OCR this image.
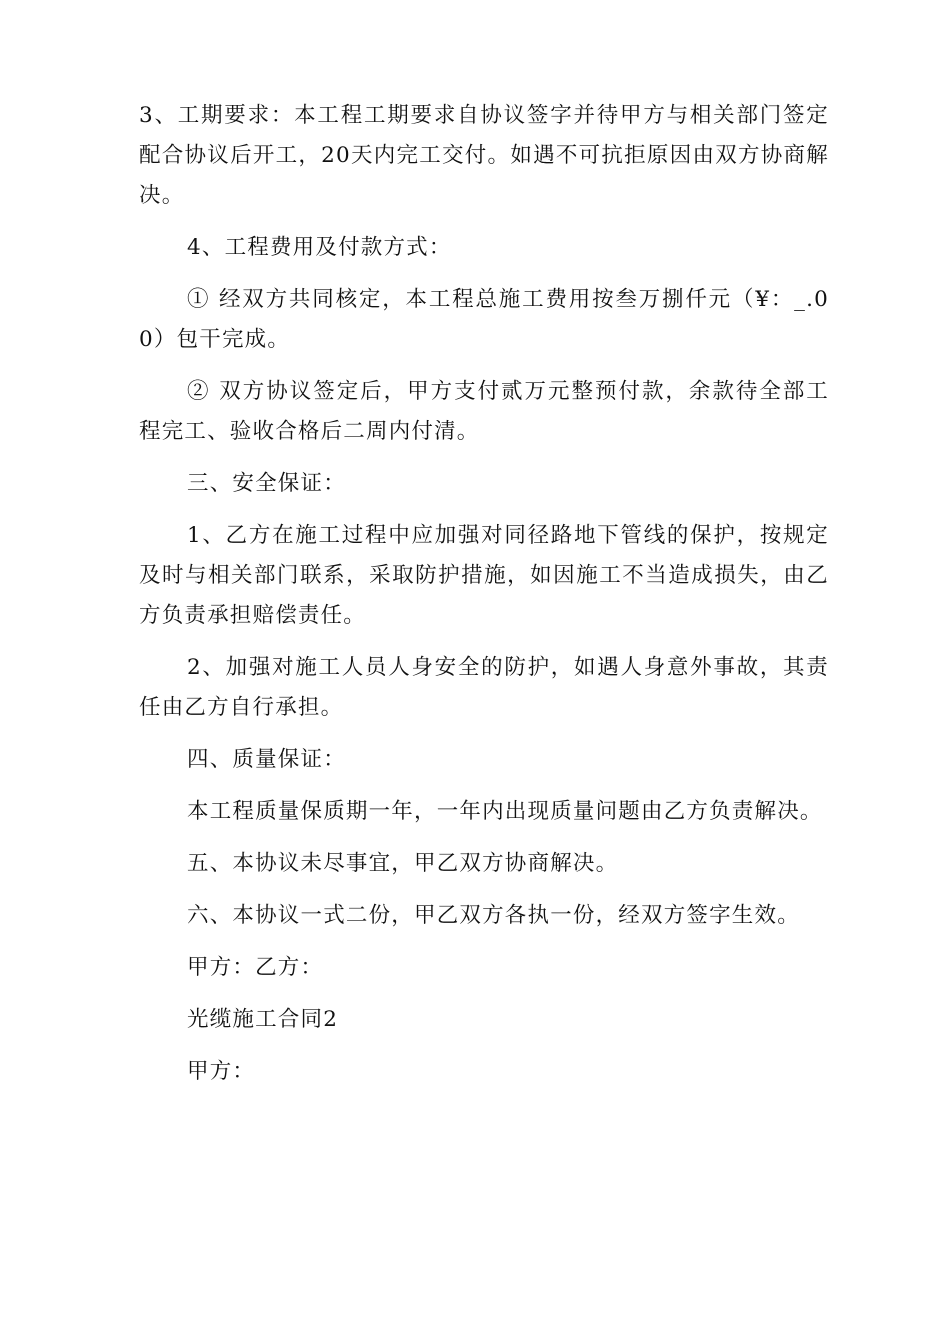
3、工期要求：本工程工期要求自协议签字并待甲方与相关部门签定配合协议后开工，20天内完工交付。如遇不可抗拒原因由双方协商解决。

4、工程费用及付款方式：

① 经双方共同核定，本工程总施工费用按叁万捌仟元（¥：_.00）包干完成。

② 双方协议签定后，甲方支付贰万元整预付款，余款待全部工程完工、验收合格后二周内付清。

三、安全保证：

1、乙方在施工过程中应加强对同径路地下管线的保护，按规定及时与相关部门联系，采取防护措施，如因施工不当造成损失，由乙方负责承担赔偿责任。

2、加强对施工人员人身安全的防护，如遇人身意外事故，其责任由乙方自行承担。

四、质量保证：

本工程质量保质期一年，一年内出现质量问题由乙方负责解决。

五、本协议未尽事宜，甲乙双方协商解决。

六、本协议一式二份，甲乙双方各执一份，经双方签字生效。

甲方：乙方：

光缆施工合同2

甲方：
